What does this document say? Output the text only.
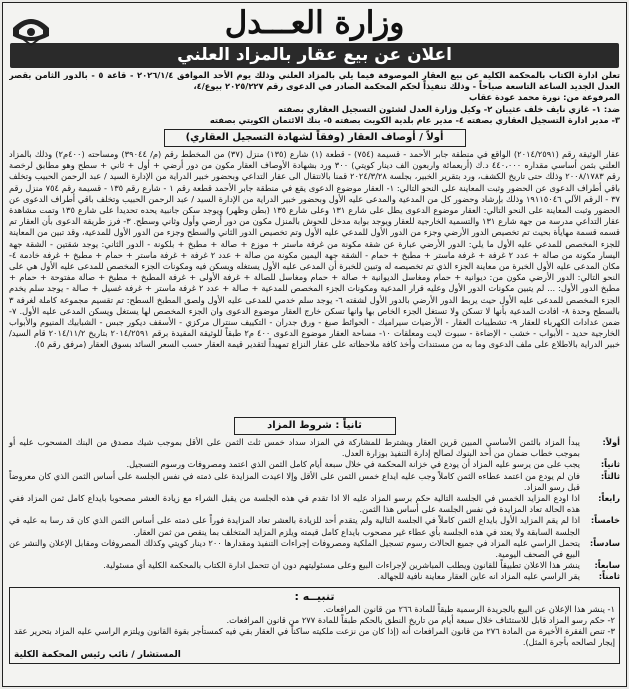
وزارة العـــدل
اعلان عن بيع عقار بالمزاد العلني
تعلن ادارة الكتاب بالمحكمة الكلية عن بيع العقار الموصوفة فيما يلي بالمزاد العلني وذلك يوم الأحد الموافق ٢٠٢٦/١/٤ - قاعة ٥ - بالدور الثامن بقصر العدل الجديد الساعة التاسعة صباحاً - وذلك تنفيذاً لحكم المحكمة الصادر في الدعوى رقم ٢٠٢٥/٢٢٧ بيوع/٤،
المرفوعة من: نورة محمد عودة عقاب
ضد: ١- غازي نايف خلف عثيبان ٢- وكيل وزارة العدل لشئون التسجيل العقاري بصفته
٣- مدير ادارة التسجيل العقاري بصفته ٤- مدير عام بلدية الكويت بصفته ٥- بنك الائتمان الكويتي بصفته
أولاً / أوصاف العقار (وفقاً لشهادة التسجيل العقاري)
عقار الوثيقة رقم (٢٠١٤/٢٥٩١) الواقع في منطقة جابر الأحمد - قسيمة (٧٥٤) - قطعة (١) شارع (١٣٥) منزل (٣٧) من المخطط رقم (م/ ٣٩٠٤٤) ومساحته (٤٠٠م٢) وذلك بالمزاد العلني بثمن أساسي مقداره ٤٤٠،٠٠٠ د.ك (أربعمائة واربعون الف دينار كويتي) ٣٠٠ ورد بشهادة الأوصاف العقار مكون من دور أرضي + أول + ثاني + سطح وهو مطابق لرخصة رقم ٢٠٠٨/١٧٨٣ وذلك حتى تاريخ الكشف، ورد بتقرير الخبير، بجلسة ٢٠٢٤/٣/٢٨ قمنا بالانتقال الى عقار التداعي وبحضور خبير الدراية من الإدارة السيد / عبد الرحمن الحبيب وتخلف باقي أطراف الدعوى عن الحضور وثبت المعاينة على النحو التالي: ١- العقار موضوع الدعوى يقع في منطقة جابر الأحمد قطعة رقم ١ - شارع رقم ١٣٥ - قسيمة رقم ٧٥٤ منزل رقم ٣٧ - الرقم الآلي ١٩١١٥٠٤٦ وذلك بإرشاد وحضور كل من المدعية والمدعى عليه الأول وبحضور خبير الدراية من الإدارة السيد / عبد الرحمن الحبيب وتخلف باقي أطراف الدعوى عن الحضور وثبت المعاينة على النحو التالي: العقار موضوع الدعوى يطل على شارع ١٣١ وعلى شارع ١٣٥ (بطن وظهر) ويوجد سكن جانبية يحده تحديدا على شارع ١٣٥ وتمت مشاهدة عقار التداعي مدرسة من جهة شارع ١٣١ والتسمية الخارجية للعقار ويوجد بوابة مدخل للحوش بالمنزل مكون من دور أرضي وأول وثاني وسطح. ٣- فرز طريقة الدعوى بأن العقار تم قسمه قسمة مهايأة بحيث تم تخصيص الدور الأرضي وجزء من الدور الأول للمدعي عليه الأول وتم تخصيص الدور الثاني والسطح وجزء من الدور الأول للمدعية، وقد تبين من المعاينة للجزء المخصص للمدعي عليه الأول ما يلي: الدور الأرضي عبارة عن شقة مكونة من غرفة ماستر + موزع + صالة + مطبخ + بلكونة - الدور الثاني: يوجد شقتين - الشقة جهة اليسار مكونة من صالة + عدد ٢ غرفة + غرفة ماستر + مطبخ + حمام - الشقة جهة اليمين مكونة من صالة + عدد ٢ غرفة + غرفة ماستر + حمام + مطبخ + غرفة خادمة ٤- مكان المدعى عليه الأول الخبرة من معاينة الجزء الذي تم تخصيصه له وتبين للخبرة أن المدعى عليه الأول يستغله ويسكن فيه ومكونات الجزء المخصص للمدعى عليه الأول هي على النحو التالي: الدور الأرضي مكون من: ديوانية + حمام ومغاسل الديوانية + صالة + حمام ومغاسل للصالة + غرفة الأولى + غرفة المطبخ + مطبخ + صالة مفتوحة + حمام + مطبخ الدور الأول: ... لم يتبين مكونات الدور الأول وعليه قرار المدعية ومكونات الجزء المخصص للمدعية + صالة + عدد ٢ غرفة ماستر + غرفة غسيل + صالة - يوجد سلم يخدم الجزء المخصص للمدعى عليه الأول حيث يربط الدور الأرضي بالدور الأول لشقته ٦- يوجد سلم خدمي للمدعى عليه الأول ولصق المطبخ السطح: تم تقسيم مجموعة كاملة لغرفة ٣ بالسطح وحدة ٨- افادت المدعية بأنها لا تسكن ولا تستغل الجزء الخاص بها وانها تسكن خارج العقار موضوع الدعوى وان الجزء المخصص لها يستغل ويسكن المدعى عليه الأول. ٧- ضمن عدادات الكهرباء للعقار ٩- تشطيبات العقار - الأرضيات سيراميك - الحوائط صبغ - ورق جدران - التكييف سنترال مركزي - الأسقف ديكور جبس - الشبابيك المنيوم والأبواب الخارجية حديد - الأبواب - خشب - الإضاءة - سبوت لايت ومعلقات ١٠- مساحة العقار موضوع الدعوى ٤٠٠ م٢ طبقاً للوثيقة المقيدة برقم ٢٠١٤/٢٥٩١ بتاريخ ٢٠١٤/١١/٢ قام السيد/ خبير الدراية بالاطلاع على ملف الدعوى وما به من مستندات وأخذ كافة ملاحظاته على عقار النزاع تمهيداً لتقدير قيمة العقار حسب السعر السائد بسوق العقار (مرفق رقم ٥).
ثانياً : شروط المزاد
أولاً:
يبدأ المزاد بالثمن الأساسي المبين قرين العقار ويشترط للمشاركة في المزاد سداد خمس ثلث الثمن على الأقل بموجب شيك مصدق من البنك المسحوب عليه أو بموجب خطاب ضمان من أحد البنوك لصالح إدارة التنفيذ بوزارة العدل.
ثانياً:
يجب على من يرسو عليه المزاد أن يودع في خزانة المحكمة في خلال سبعة أيام كامل الثمن الذي اعتمد ومصروفات ورسوم التسجيل.
ثالثاً:
فان لم يودع من اعتمد عطاءه الثمن كاملاً وجب عليه ايداع خمس الثمن على الأقل وإلا اعيدت المزايدة على ذمته في نفس الجلسة على أساس الثمن الذي كان معروضاً قبل رسو المزاد.
رابعاً:
اذا اودع المزايد الخمس في الجلسة التالية حكم برسو المزاد عليه الا اذا تقدم في هذه الجلسة من يقبل الشراء مع زيادة العشر مصحوبا بايداع كامل ثمن المزاد ففي هذه الحالة تعاد المزايدة في نفس الجلسة على أساس هذا الثمن.
خامساً:
اذا لم يقم المزايد الأول بايداع الثمن كاملاً في الجلسة التالية ولم يتقدم أحد للزيادة بالعشر تعاد المزايدة فوراً على ذمته على أساس الثمن الذي كان قد رسا به عليه في الجلسة السابقة ولا يعتد في هذه الجلسة بأي عطاء غير مصحوب بايداع كامل قيمته ويلزم المزايد المتخلف بما ينقص من ثمن العقار.
سادساً:
يتحمل الراسي عليه المزاد في جميع الحالات رسوم تسجيل الملكية ومصروفات إجراءات التنفيذ ومقدارها ٢٠٠ دينار كويتي وكذلك المصروفات ومقابل الإعلان والنشر عن البيع في الصحف اليومية.
سابعاً:
ينشر هذا الاعلان تطبيقاً للقانون ويطلب المباشرين لإجراءات البيع وعلى مسئوليتهم دون ان تتحمل ادارة الكتاب بالمحكمة الكلية أي مسئولية.
ثامناً:
يقر الراسي عليه المزاد انه عاين العقار معاينة نافية للجهالة.
تنبيــه :
١- ينشر هذا الإعلان عن البيع بالجريدة الرسمية طبقاً للمادة ٢٦٦ من قانون المرافعات.
٢- حكم رسو المزاد قابل للاستئناف خلال سبعة أيام من تاريخ النطق بالحكم طبقاً للمادة ٢٧٧ من قانون المرافعات.
٣- تنص الفقرة الأخيرة من المادة ٢٧٦ من قانون المرافعات أنه (إذا كان من نزعت ملكيته ساكناً في العقار بقي فيه كمستأجر بقوة القانون ويلتزم الراسي عليه المزاد بتحرير عقد إيجار لصالحه بأجرة المثل).
المستشار / نائب رئيس المحكمة الكلية
